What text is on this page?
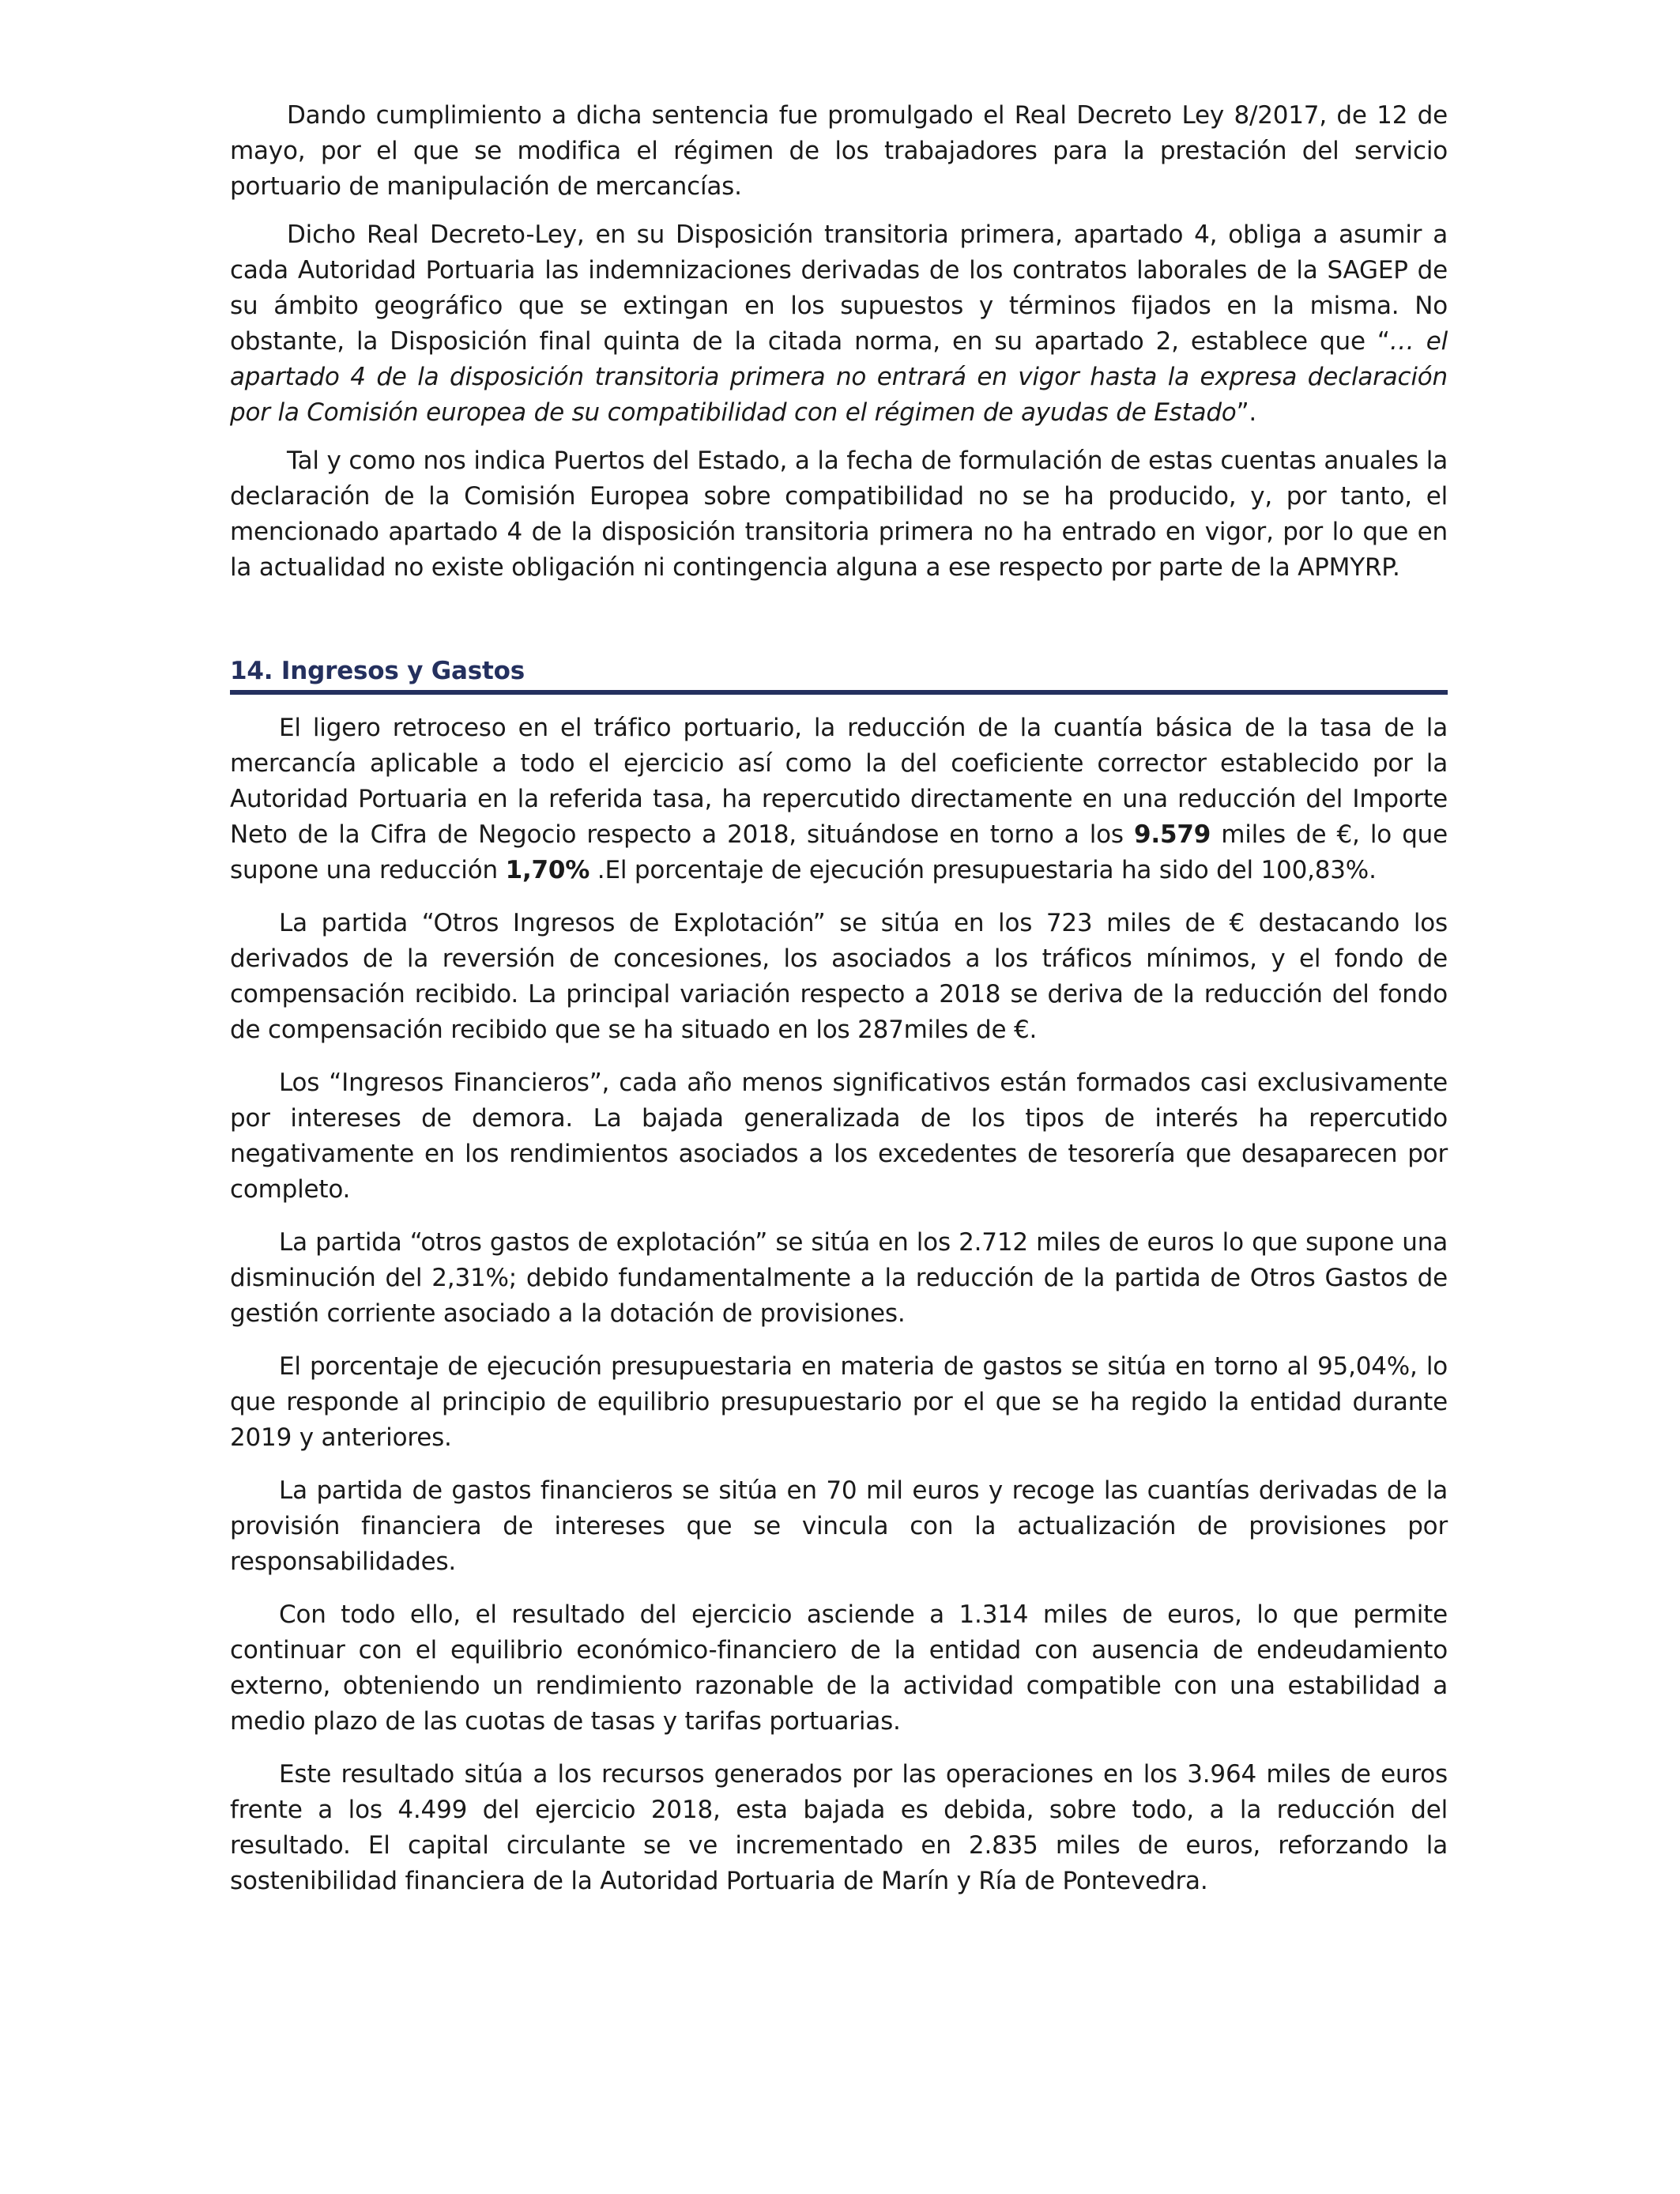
Dando cumplimiento a dicha sentencia fue promulgado el Real Decreto Ley 8/2017, de 12 de mayo, por el que se modifica el régimen de los trabajadores para la prestación del servicio portuario de manipulación de mercancías.

Dicho Real Decreto-Ley, en su Disposición transitoria primera, apartado 4, obliga a asumir a cada Autoridad Portuaria las indemnizaciones derivadas de los contratos laborales de la SAGEP de su ámbito geográfico que se extingan en los supuestos y términos fijados en la misma. No obstante, la Disposición final quinta de la citada norma, en su apartado 2, establece que “… el apartado 4 de la disposición transitoria primera no entrará en vigor hasta la expresa declaración por la Comisión europea de su compatibilidad con el régimen de ayudas de Estado”.

Tal y como nos indica Puertos del Estado, a la fecha de formulación de estas cuentas anuales la declaración de la Comisión Europea sobre compatibilidad no se ha producido, y, por tanto, el mencionado apartado 4 de la disposición transitoria primera no ha entrado en vigor, por lo que en la actualidad no existe obligación ni contingencia alguna a ese respecto por parte de la APMYRP.

14. Ingresos y Gastos

El ligero retroceso en el tráfico portuario, la reducción de la cuantía básica de la tasa de la mercancía aplicable a todo el ejercicio así como la del coeficiente corrector establecido por la Autoridad Portuaria en la referida tasa, ha repercutido directamente en una reducción del Importe Neto de la Cifra de Negocio respecto a 2018, situándose en torno a los 9.579 miles de €, lo que supone una reducción 1,70% .El porcentaje de ejecución presupuestaria ha sido del 100,83%.

La partida “Otros Ingresos de Explotación” se sitúa en los 723 miles de € destacando los derivados de la reversión de concesiones, los asociados a los tráficos mínimos, y el fondo de compensación recibido. La principal variación respecto a 2018 se deriva de la reducción del fondo de compensación recibido que se ha situado en los 287miles de €.

Los “Ingresos Financieros”, cada año menos significativos están formados casi exclusivamente por intereses de demora. La bajada generalizada de los tipos de interés ha repercutido negativamente en los rendimientos asociados a los excedentes de tesorería que desaparecen por completo.

La partida “otros gastos de explotación” se sitúa en los 2.712 miles de euros lo que supone una disminución del 2,31%; debido fundamentalmente a la reducción de la partida de Otros Gastos de gestión corriente asociado a la dotación de provisiones.

El porcentaje de ejecución presupuestaria en materia de gastos se sitúa en torno al 95,04%, lo que responde al principio de equilibrio presupuestario por el que se ha regido la entidad durante 2019 y anteriores.

La partida de gastos financieros se sitúa en 70 mil euros y recoge las cuantías derivadas de la provisión financiera de intereses que se vincula con la actualización de provisiones por responsabilidades.

Con todo ello, el resultado del ejercicio asciende a 1.314 miles de euros, lo que permite continuar con el equilibrio económico-financiero de la entidad con ausencia de endeudamiento externo, obteniendo un rendimiento razonable de la actividad compatible con una estabilidad a medio plazo de las cuotas de tasas y tarifas portuarias.

Este resultado sitúa a los recursos generados por las operaciones en los 3.964 miles de euros frente a los 4.499 del ejercicio 2018, esta bajada es debida, sobre todo, a la reducción del resultado. El capital circulante se ve incrementado en 2.835 miles de euros, reforzando la sostenibilidad financiera de la Autoridad Portuaria de Marín y Ría de Pontevedra.
